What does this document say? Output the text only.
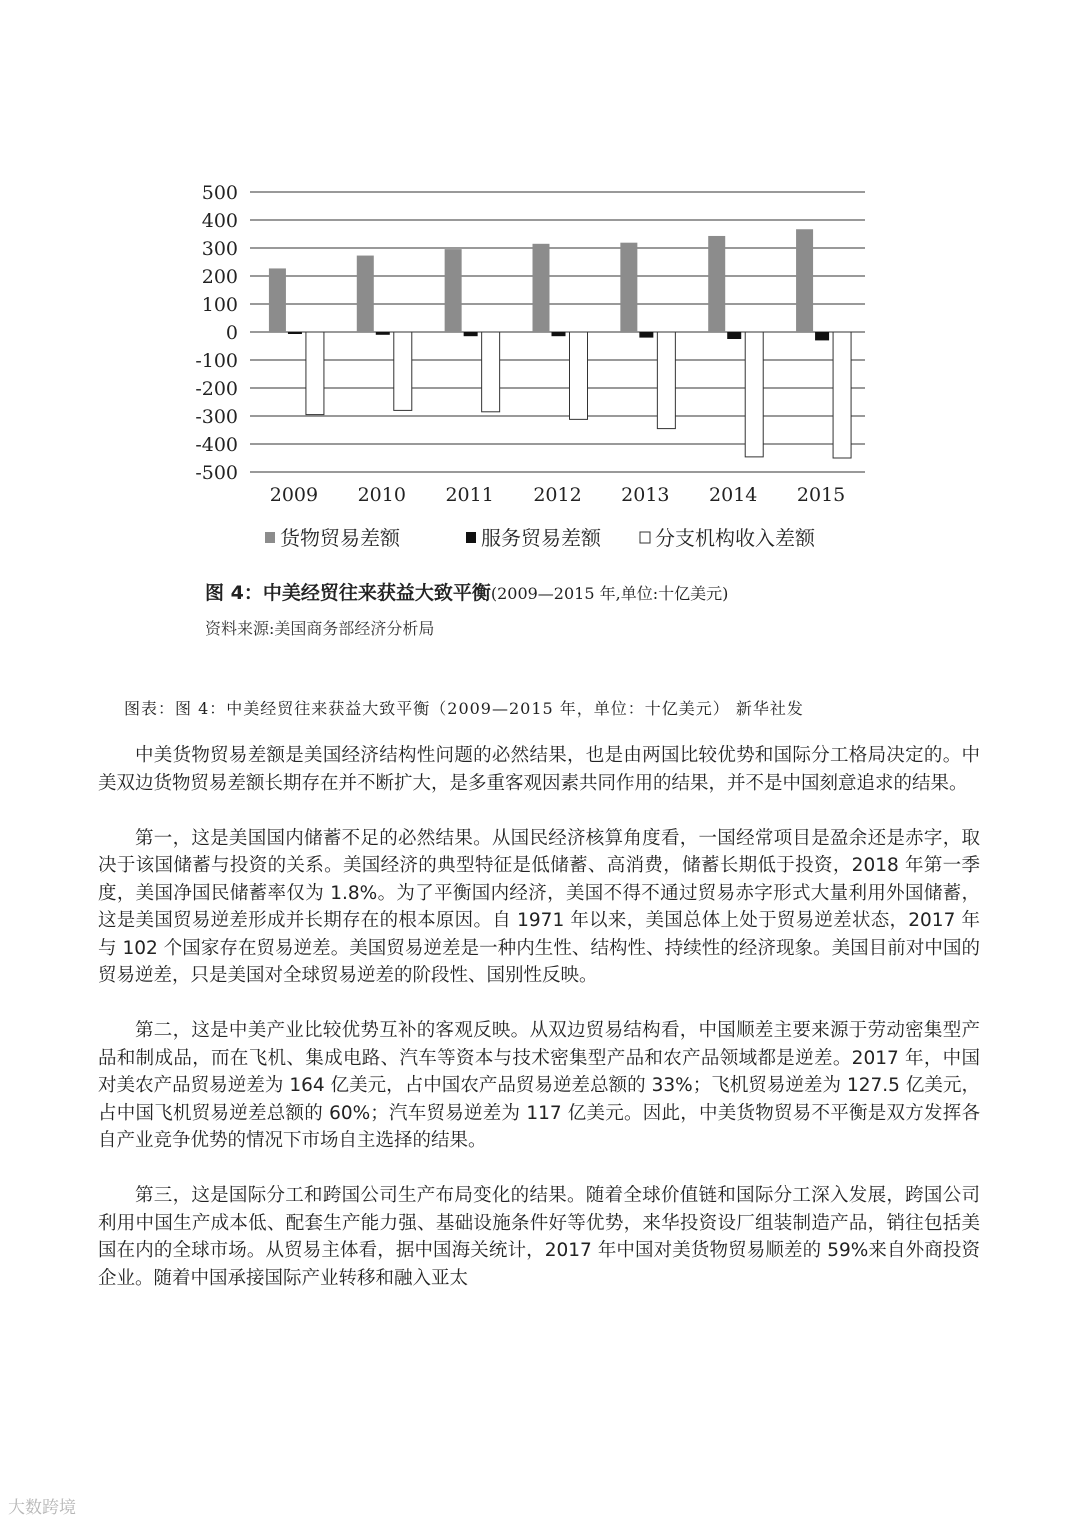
500
400
300
200
100
0
-100
-200
-300
-400
-500
2009 2010 2011 2012 2013 2014 2015
货物贸易差额	服务贸易差额	分支机构收入差额
图 4：中美经贸往来获益大致平衡(2009—2015 年,单位:十亿美元)
资料来源:美国商务部经济分析局
图表：图 4：中美经贸往来获益大致平衡（2009—2015 年，单位：十亿美元） 新华社发

中美货物贸易差额是美国经济结构性问题的必然结果，也是由两国比较优势和国际分工格局决定的。中美双边货物贸易差额长期存在并不断扩大，是多重客观因素共同作用的结果，并不是中国刻意追求的结果。

第一，这是美国国内储蓄不足的必然结果。从国民经济核算角度看，一国经常项目是盈余还是赤字，取决于该国储蓄与投资的关系。美国经济的典型特征是低储蓄、高消费，储蓄长期低于投资，2018 年第一季度，美国净国民储蓄率仅为 1.8%。为了平衡国内经济，美国不得不通过贸易赤字形式大量利用外国储蓄，这是美国贸易逆差形成并长期存在的根本原因。自 1971 年以来，美国总体上处于贸易逆差状态，2017 年与 102 个国家存在贸易逆差。美国贸易逆差是一种内生性、结构性、持续性的经济现象。美国目前对中国的贸易逆差，只是美国对全球贸易逆差的阶段性、国别性反映。

第二，这是中美产业比较优势互补的客观反映。从双边贸易结构看，中国顺差主要来源于劳动密集型产品和制成品，而在飞机、集成电路、汽车等资本与技术密集型产品和农产品领域都是逆差。2017 年，中国对美农产品贸易逆差为 164 亿美元，占中国农产品贸易逆差总额的 33%；飞机贸易逆差为 127.5 亿美元，占中国飞机贸易逆差总额的 60%；汽车贸易逆差为 117 亿美元。因此，中美货物贸易不平衡是双方发挥各自产业竞争优势的情况下市场自主选择的结果。

第三，这是国际分工和跨国公司生产布局变化的结果。随着全球价值链和国际分工深入发展，跨国公司利用中国生产成本低、配套生产能力强、基础设施条件好等优势，来华投资设厂组装制造产品，销往包括美国在内的全球市场。从贸易主体看，据中国海关统计，2017 年中国对美货物贸易顺差的 59%来自外商投资企业。随着中国承接国际产业转移和融入亚太

大数跨境
